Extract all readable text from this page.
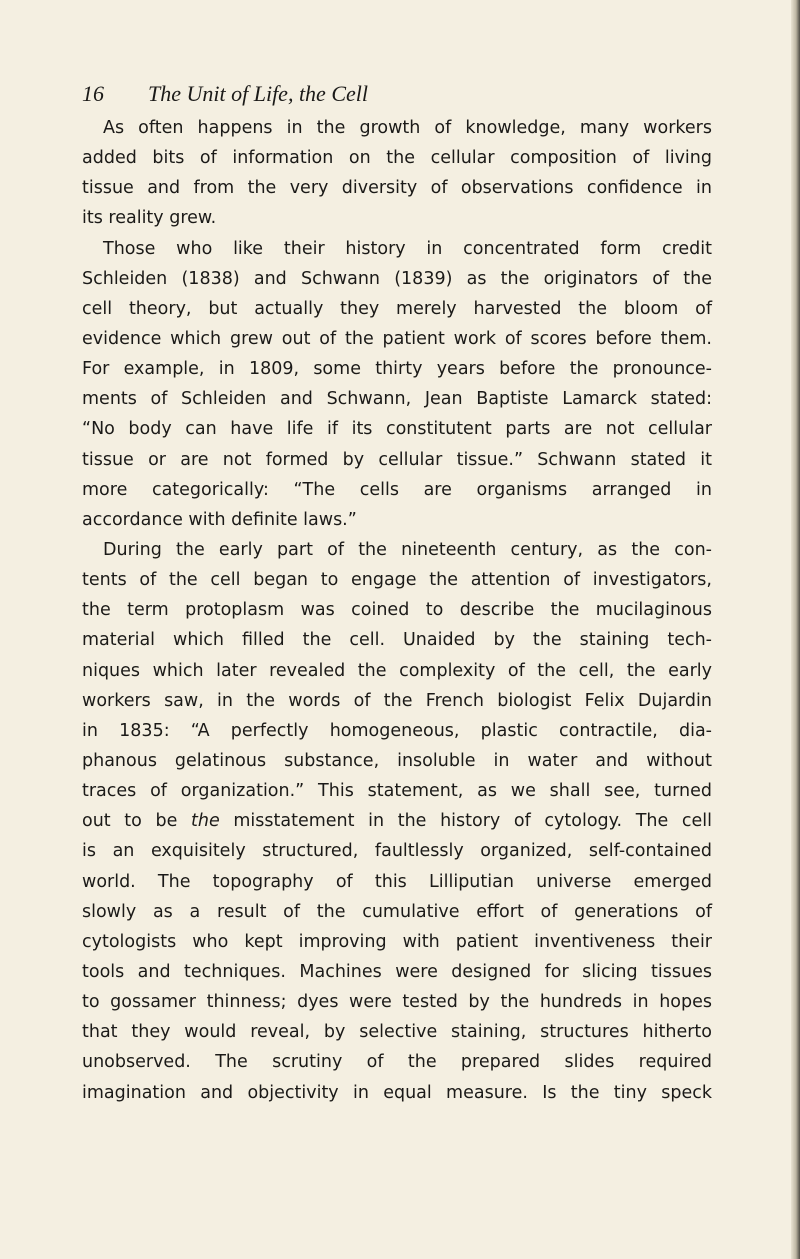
16 The Unit of Life, the Cell
As often happens in the growth of knowledge, many workers
added bits of information on the cellular composition of living
tissue and from the very diversity of observations confidence in
its reality grew.
Those who like their history in concentrated form credit
Schleiden (1838) and Schwann (1839) as the originators of the
cell theory, but actually they merely harvested the bloom of
evidence which grew out of the patient work of scores before them.
For example, in 1809, some thirty years before the pronounce-
ments of Schleiden and Schwann, Jean Baptiste Lamarck stated:
“No body can have life if its constitutent parts are not cellular
tissue or are not formed by cellular tissue.” Schwann stated it
more categorically: “The cells are organisms arranged in
accordance with definite laws.”
During the early part of the nineteenth century, as the con-
tents of the cell began to engage the attention of investigators,
the term protoplasm was coined to describe the mucilaginous
material which filled the cell. Unaided by the staining tech-
niques which later revealed the complexity of the cell, the early
workers saw, in the words of the French biologist Felix Dujardin
in 1835: “A perfectly homogeneous, plastic contractile, dia-
phanous gelatinous substance, insoluble in water and without
traces of organization.” This statement, as we shall see, turned
out to be the misstatement in the history of cytology. The cell
is an exquisitely structured, faultlessly organized, self-contained
world. The topography of this Lilliputian universe emerged
slowly as a result of the cumulative effort of generations of
cytologists who kept improving with patient inventiveness their
tools and techniques. Machines were designed for slicing tissues
to gossamer thinness; dyes were tested by the hundreds in hopes
that they would reveal, by selective staining, structures hitherto
unobserved. The scrutiny of the prepared slides required
imagination and objectivity in equal measure. Is the tiny speck
